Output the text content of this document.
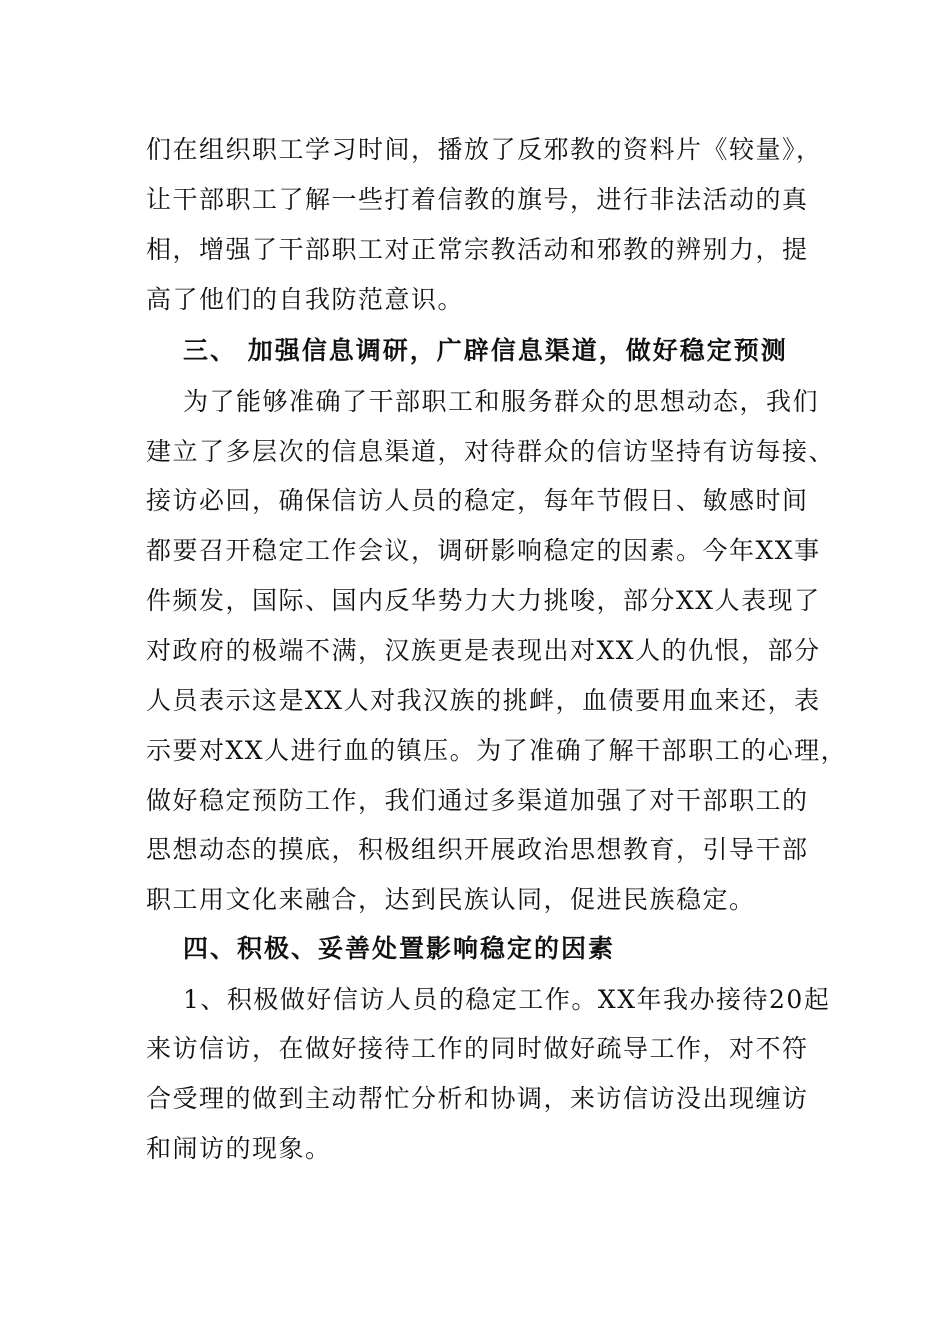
们在组织职工学习时间，播放了反邪教的资料片《较量》，
让干部职工了解一些打着信教的旗号，进行非法活动的真
相，增强了干部职工对正常宗教活动和邪教的辨别力，提
高了他们的自我防范意识。
三、 加强信息调研，广辟信息渠道，做好稳定预测
为了能够准确了干部职工和服务群众的思想动态，我们
建立了多层次的信息渠道，对待群众的信访坚持有访每接、
接访必回，确保信访人员的稳定，每年节假日、敏感时间
都要召开稳定工作会议，调研影响稳定的因素。今年XX事
件频发，国际、国内反华势力大力挑唆，部分XX人表现了
对政府的极端不满，汉族更是表现出对XX人的仇恨，部分
人员表示这是XX人对我汉族的挑衅，血债要用血来还，表
示要对XX人进行血的镇压。为了准确了解干部职工的心理，
做好稳定预防工作，我们通过多渠道加强了对干部职工的
思想动态的摸底，积极组织开展政治思想教育，引导干部
职工用文化来融合，达到民族认同，促进民族稳定。
四、积极、妥善处置影响稳定的因素
1、积极做好信访人员的稳定工作。XX年我办接待20起
来访信访，在做好接待工作的同时做好疏导工作，对不符
合受理的做到主动帮忙分析和协调，来访信访没出现缠访
和闹访的现象。
